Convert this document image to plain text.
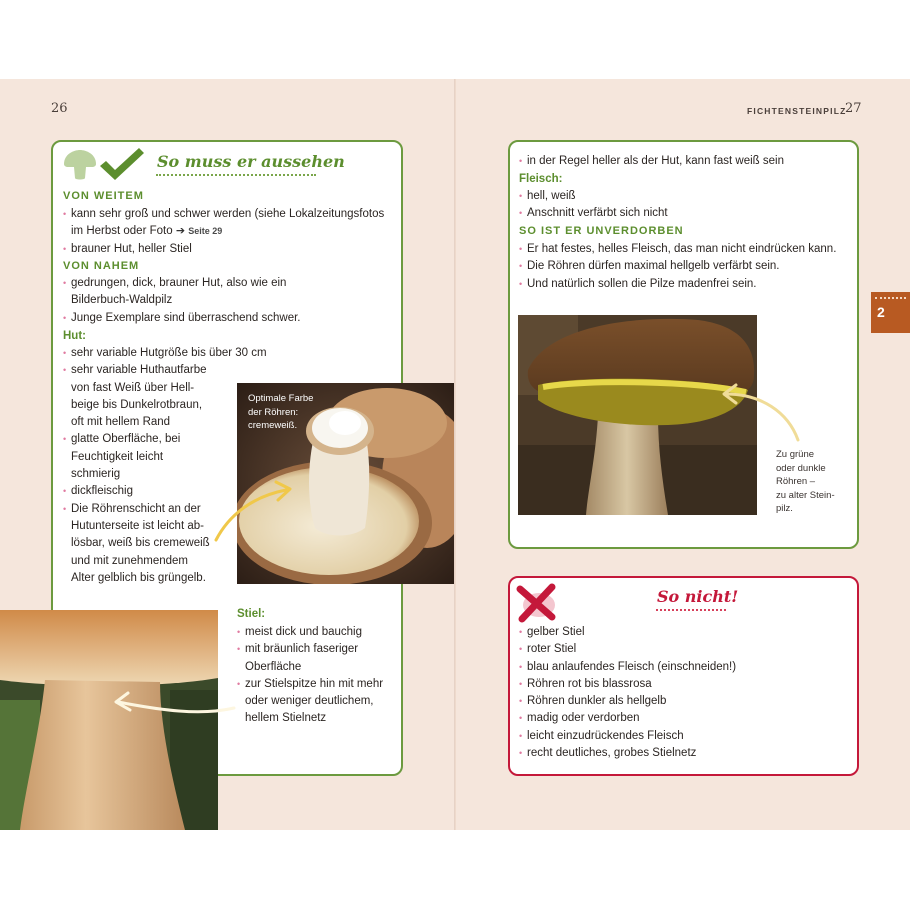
26
So muss er aussehen
VON WEITEM
• kann sehr groß und schwer werden (siehe Lokalzeitungsfotos
im Herbst oder Foto ➔ Seite 29
• brauner Hut, heller Stiel
VON NAHEM
• gedrungen, dick, brauner Hut, also wie ein
Bilderbuch-Waldpilz
• Junge Exemplare sind überraschend schwer.
Hut:
• sehr variable Hutgröße bis über 30 cm
• sehr variable Huthautfarbe
von fast Weiß über Hell-
beige bis Dunkelrotbraun,
oft mit hellem Rand
• glatte Oberfläche, bei
Feuchtigkeit leicht
schmierig
• dickfleischig
• Die Röhrenschicht an der
Hutunterseite ist leicht ab-
lösbar, weiß bis cremeweiß
und mit zunehmendem
Alter gelblich bis grüngelb.
Optimale Farbe
der Röhren:
cremeweiß.
Stiel:
• meist dick und bauchig
• mit bräunlich faseriger
Oberfläche
• zur Stielspitze hin mit mehr
oder weniger deutlichem,
hellem Stielnetz
FICHTENSTEINPILZ
27
• in der Regel heller als der Hut, kann fast weiß sein
Fleisch:
• hell, weiß
• Anschnitt verfärbt sich nicht
SO IST ER UNVERDORBEN
• Er hat festes, helles Fleisch, das man nicht eindrücken kann.
• Die Röhren dürfen maximal hellgelb verfärbt sein.
• Und natürlich sollen die Pilze madenfrei sein.
Zu grüne
oder dunkle
Röhren –
zu alter Stein-
pilz.
So nicht!
• gelber Stiel
• roter Stiel
• blau anlaufendes Fleisch (einschneiden!)
• Röhren rot bis blassrosa
• Röhren dunkler als hellgelb
• madig oder verdorben
• leicht einzudrückendes Fleisch
• recht deutliches, grobes Stielnetz
2
